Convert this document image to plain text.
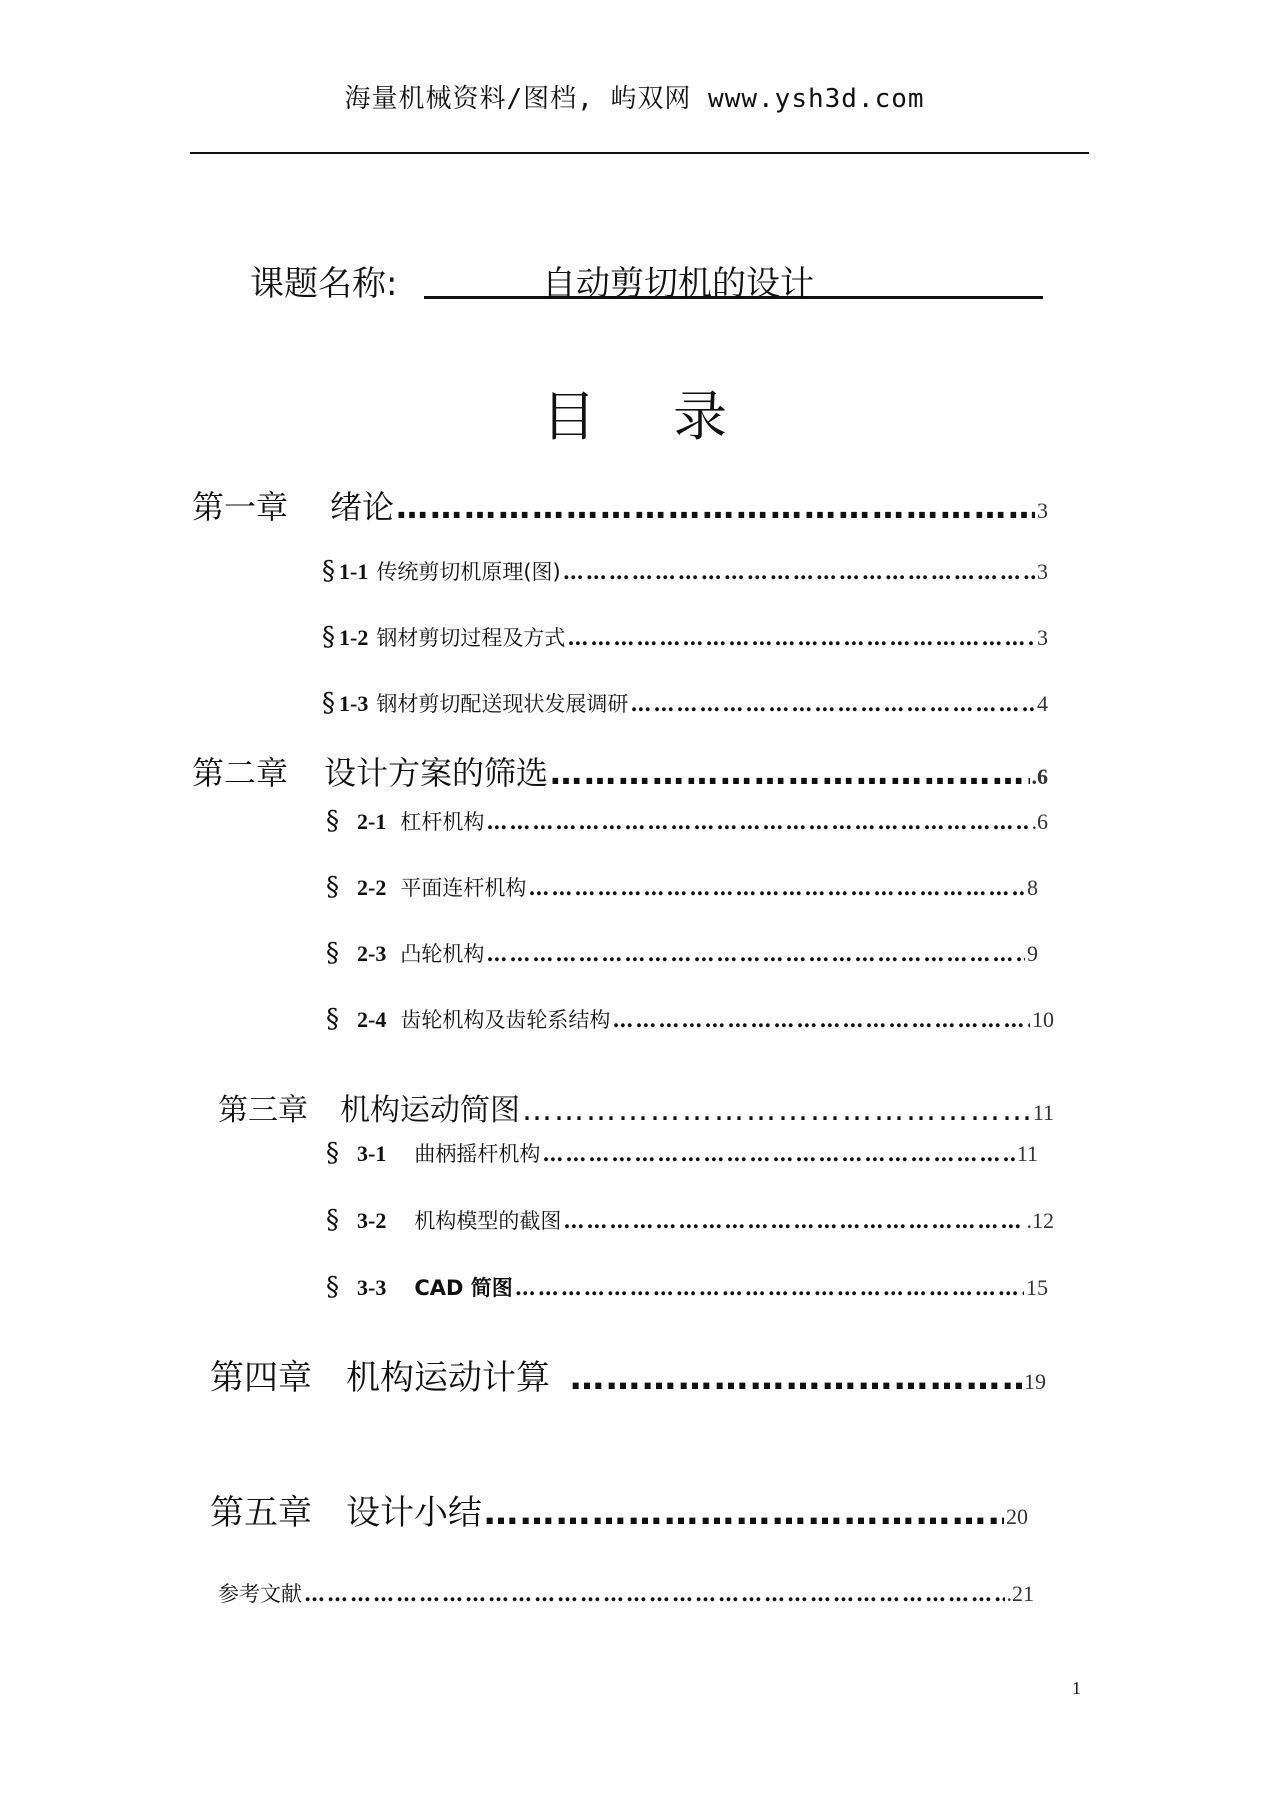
海量机械资料/图档, 屿双网 www.ysh3d.com
课题名称:	自动剪切机的设计
目 录
第一章 绪论 ……………………………………………………………………………………………………………………………………………………………………	3
§ 1-1 传统剪切机原理(图) ……………………………………………………………………………………………………………………………………………………………………	3
§ 1-2 钢材剪切过程及方式 ……………………………………………………………………………………………………………………………………………………………………	3
§ 1-3 钢材剪切配送现状发展调研 ……………………………………………………………………………………………………………………………………………………………………	4
第二章 设计方案的筛选 ……………………………………………………………………………………………………………………………………………………………………	.6
§ 2-1 杠杆机构 ……………………………………………………………………………………………………………………………………………………………………	.6
§ 2-2 平面连杆机构 ……………………………………………………………………………………………………………………………………………………………………	8
§ 2-3 凸轮机构 ……………………………………………………………………………………………………………………………………………………………………	9
§ 2-4 齿轮机构及齿轮系结构 ……………………………………………………………………………………………………………………………………………………………………	10
第三章 机构运动简图 ……………………………………………………………………………………………………………………………………………………………………	11
§ 3-1 曲柄摇杆机构 ……………………………………………………………………………………………………………………………………………………………………	11
§ 3-2 机构模型的截图 ……………………………………………………………………………………………………………………………………………………………………	.12
§ 3-3 CAD 简图 ……………………………………………………………………………………………………………………………………………………………………	15
第四章 机构运动计算 ……………………………………………………………………………………………………………………………………………………………………	19
第五章 设计小结 ……………………………………………………………………………………………………………………………………………………………………	20
参考文献 ……………………………………………………………………………………………………………………………………………………………………	.21
1
